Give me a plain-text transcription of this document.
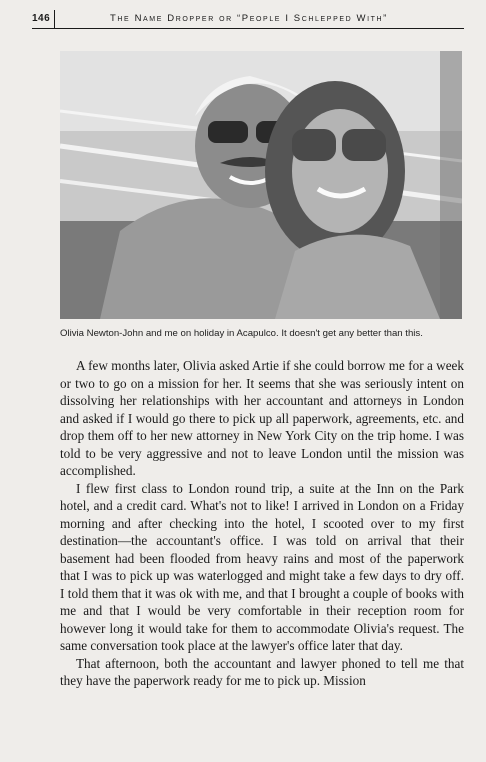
146	The Name Dropper or “People I Schlepped With”
Olivia Newton-John and me on holiday in Acapulco. It doesn't get any better than this.

A few months later, Olivia asked Artie if she could borrow me for a week or two to go on a mission for her. It seems that she was seriously intent on dissolving her relationships with her accountant and attorneys in London and asked if I would go there to pick up all paperwork, agreements, etc. and drop them off to her new attorney in New York City on the trip home. I was told to be very aggressive and not to leave London until the mission was accomplished.

I flew first class to London round trip, a suite at the Inn on the Park hotel, and a credit card. What's not to like! I arrived in London on a Friday morning and after checking into the hotel, I scooted over to my first destination—the accountant's office. I was told on arrival that their basement had been flooded from heavy rains and most of the paperwork that I was to pick up was waterlogged and might take a few days to dry off. I told them that it was ok with me, and that I brought a couple of books with me and that I would be very comfortable in their reception room for however long it would take for them to accommodate Olivia's request. The same conversation took place at the lawyer's office later that day.

That afternoon, both the accountant and lawyer phoned to tell me that they have the paperwork ready for me to pick up. Mission
